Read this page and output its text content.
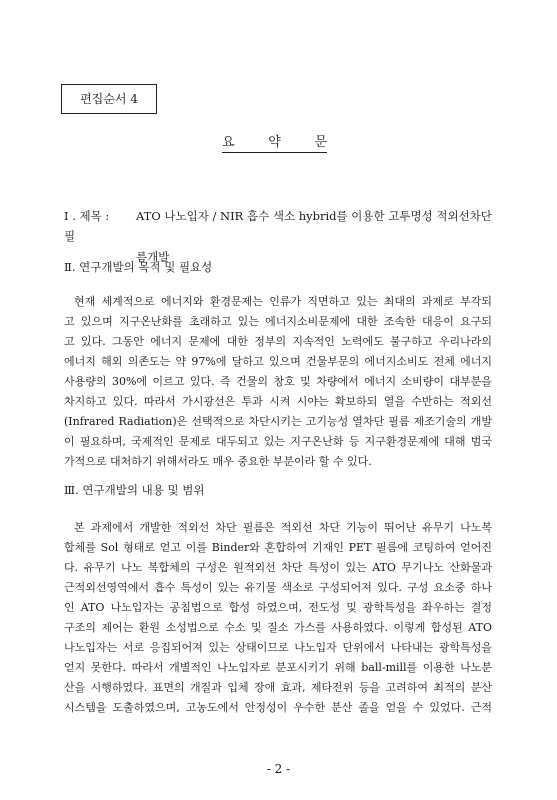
편집순서 4
요	약	문
I . 제목 : ATO 나노입자 / NIR 흡수 색소 hybrid를 이용한 고투명성 적외선차단 필
름개발
Ⅱ. 연구개발의 목적 및 필요성

현재 세계적으로 에너지와 환경문제는 인류가 직면하고 있는 최대의 과제로 부각되
고 있으며 지구온난화를 초래하고 있는 에너지소비문제에 대한 조속한 대응이 요구되
고 있다. 그동안 에너지 문제에 대한 정부의 지속적인 노력에도 불구하고 우리나라의
에너지 해외 의존도는 약 97%에 달하고 있으며 건물부문의 에너지소비도 전체 에너지
사용량의 30%에 이르고 있다. 즉 건물의 창호 및 차량에서 에너지 소비량이 대부분을
차지하고 있다. 따라서 가시광선은 투과 시켜 시야는 확보하되 열을 수반하는 적외선
(Infrared Radiation)은 선택적으로 차단시키는 고기능성 열차단 필름 제조기술의 개발
이 필요하며, 국제적인 문제로 대두되고 있는 지구온난화 등 지구환경문제에 대해 범국
가적으로 대처하기 위해서라도 매우 중요한 부분이라 할 수 있다.

Ⅲ. 연구개발의 내용 및 범위

본 과제에서 개발한 적외선 차단 필름은 적외선 차단 기능이 뛰어난 유무기 나노복
합체를 Sol 형태로 얻고 이를 Binder와 혼합하여 기재인 PET 필름에 코팅하여 얻어진
다. 유무기 나노 복합체의 구성은 원적외선 차단 특성이 있는 ATO 무기나노 산화물과
근적외선영역에서 흡수 특성이 있는 유기물 색소로 구성되어져 있다. 구성 요소중 하나
인 ATO 나노입자는 공침법으로 합성 하였으며, 전도성 및 광학특성을 좌우하는 결정
구조의 제어는 환원 소성법으로 수소 및 질소 가스를 사용하였다. 이렇게 합성된 ATO
나노입자는 서로 응집되어져 있는 상태이므로 나노입자 단위에서 나타내는 광학특성을
얻지 못한다. 따라서 개별적인 나노입자로 분포시키기 위해 ball-mill를 이용한 나노분
산을 시행하였다. 표면의 개질과 입체 장애 효과, 제타전위 등을 고려하여 최적의 분산
시스템을 도출하였으며, 고농도에서 안정성이 우수한 분산 졸을 얻을 수 있었다. 근적

- 2 -
